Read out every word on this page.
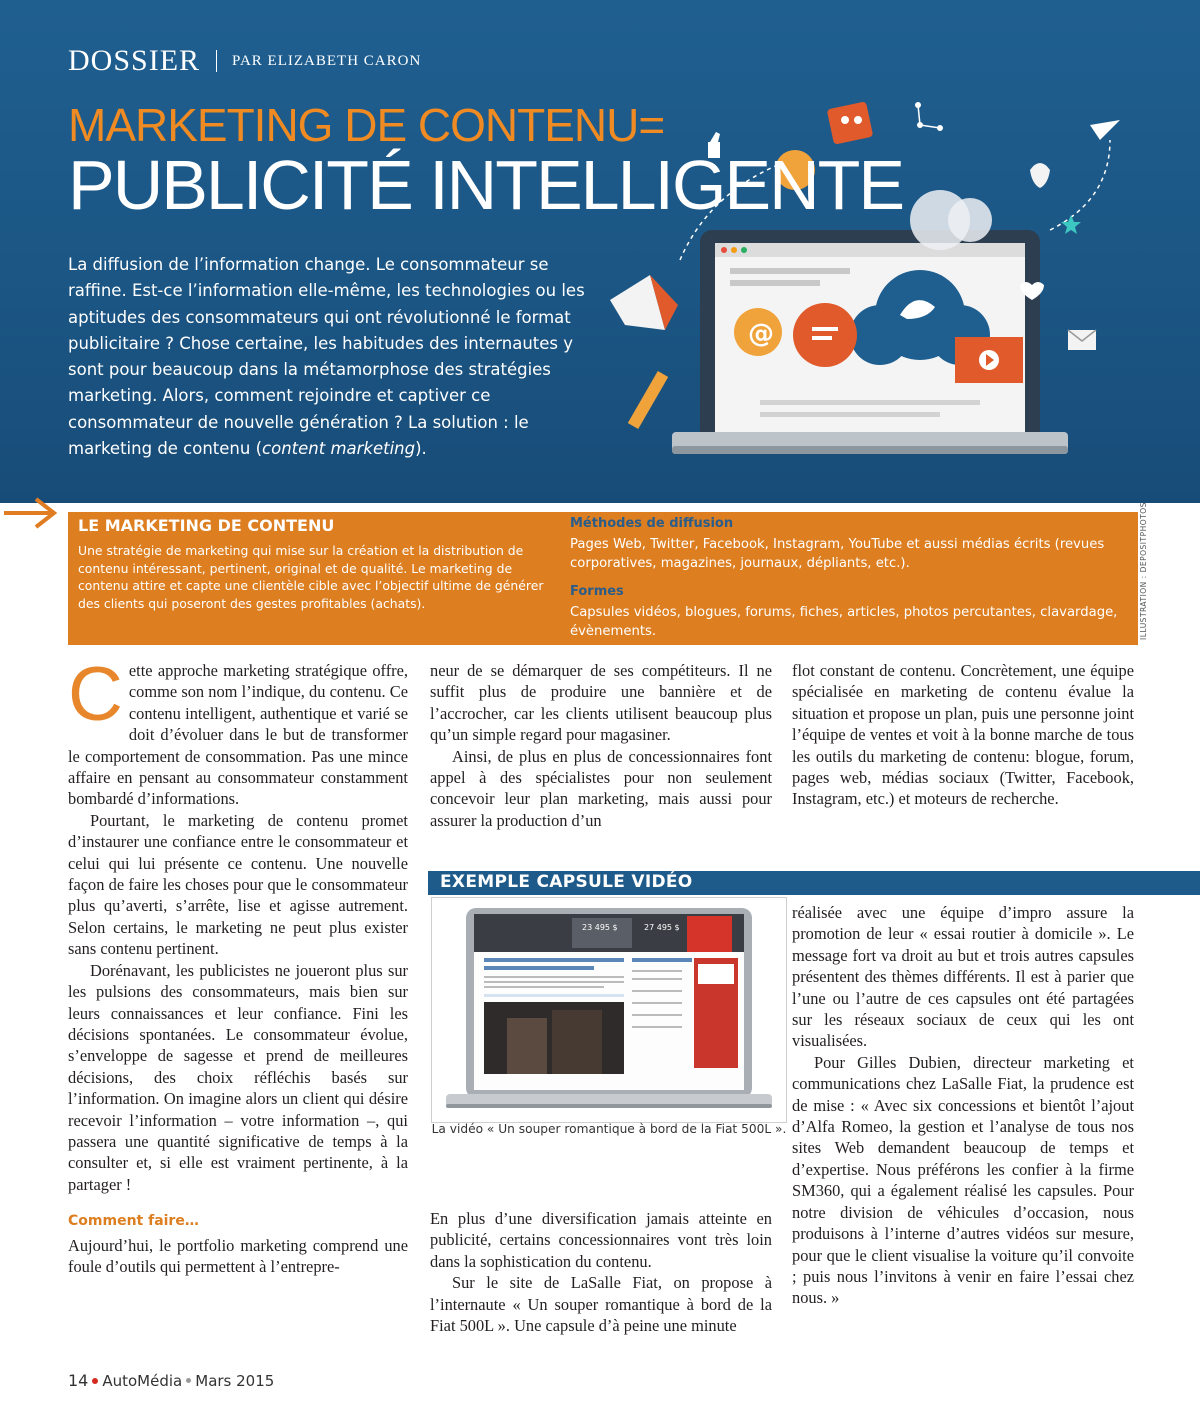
DOSSIER PAR ELIZABETH CARON
@
MARKETING DE CONTENU=
PUBLICITÉ INTELLIGENTE
La diffusion de l’information change. Le consommateur se raffine. Est-ce l’information elle-même, les technologies ou les aptitudes des consommateurs qui ont révolutionné le format publicitaire ? Chose certaine, les habitudes des internautes y sont pour beaucoup dans la métamorphose des stratégies marketing. Alors, comment rejoindre et captiver ce consommateur de nouvelle génération ? La solution : le marketing de contenu (content marketing).
LE MARKETING DE CONTENU
Une stratégie de marketing qui mise sur la création et la distribution de contenu intéressant, pertinent, original et de qualité. Le marketing de contenu attire et capte une clientèle cible avec l’objectif ultime de générer des clients qui poseront des gestes profitables (achats).
Méthodes de diffusion
Pages Web, Twitter, Facebook, Instagram, YouTube et aussi médias écrits (revues corporatives, magazines, journaux, dépliants, etc.).
Formes
Capsules vidéos, blogues, forums, fiches, articles, photos percutantes, clavardage, évènements.	ILLUSTRATION : DEPOSITPHOTOS

Cette approche marketing stratégique offre, comme son nom l’indique, du contenu. Ce contenu intelligent, authentique et varié se doit d’évoluer dans le but de transformer le comportement de consommation. Pas une mince affaire en pensant au consommateur constamment bombardé d’informations.

Pourtant, le marketing de contenu promet d’instaurer une confiance entre le consommateur et celui qui lui présente ce contenu. Une nouvelle façon de faire les choses pour que le consommateur plus qu’averti, s’arrête, lise et agisse autrement. Selon certains, le marketing ne peut plus exister sans contenu pertinent.

Dorénavant, les publicistes ne joueront plus sur les pulsions des consommateurs, mais bien sur leurs connaissances et leur confiance. Fini les décisions spontanées. Le consommateur évolue, s’enveloppe de sagesse et prend de meilleures décisions, des choix réfléchis basés sur l’information. On imagine alors un client qui désire recevoir l’information – votre information –, qui passera une quantité significative de temps à la consulter et, si elle est vraiment pertinente, à la partager !

Comment faire…

Aujourd’hui, le portfolio marketing comprend une foule d’outils qui permettent à l’entrepre-

neur de se démarquer de ses compétiteurs. Il ne suffit plus de produire une bannière et de l’accrocher, car les clients utilisent beaucoup plus qu’un simple regard pour magasiner.

Ainsi, de plus en plus de concessionnaires font appel à des spécialistes pour non seulement concevoir leur plan marketing, mais aussi pour assurer la production d’un

flot constant de contenu. Concrètement, une équipe spécialisée en marketing de contenu évalue la situation et propose un plan, puis une personne joint l’équipe de ventes et voit à la bonne marche de tous les outils du marketing de contenu: blogue, forum, pages web, médias sociaux (Twitter, Facebook, Instagram, etc.) et moteurs de recherche.

EXEMPLE CAPSULE VIDÉO
23 495 $	27 495 $
La vidéo « Un souper romantique à bord de la Fiat 500L ».

En plus d’une diversification jamais atteinte en publicité, certains concessionnaires vont très loin dans la sophistication du contenu.

Sur le site de LaSalle Fiat, on propose à l’internaute « Un souper romantique à bord de la Fiat 500L ». Une capsule d’à peine une minute

réalisée avec une équipe d’impro assure la promotion de leur « essai routier à domicile ». Le message fort va droit au but et trois autres capsules présentent des thèmes différents. Il est à parier que l’une ou l’autre de ces capsules ont été partagées sur les réseaux sociaux de ceux qui les ont visualisées.

Pour Gilles Dubien, directeur marketing et communications chez LaSalle Fiat, la prudence est de mise : « Avec six concessions et bientôt l’ajout d’Alfa Romeo, la gestion et l’analyse de tous nos sites Web demandent beaucoup de temps et d’expertise. Nous préférons les confier à la firme SM360, qui a également réalisé les capsules. Pour notre division de véhicules d’occasion, nous produisons à l’interne d’autres vidéos sur mesure, pour que le client visualise la voiture qu’il convoite ; puis nous l’invitons à venir en faire l’essai chez nous. »

14 AutoMédia Mars 2015
